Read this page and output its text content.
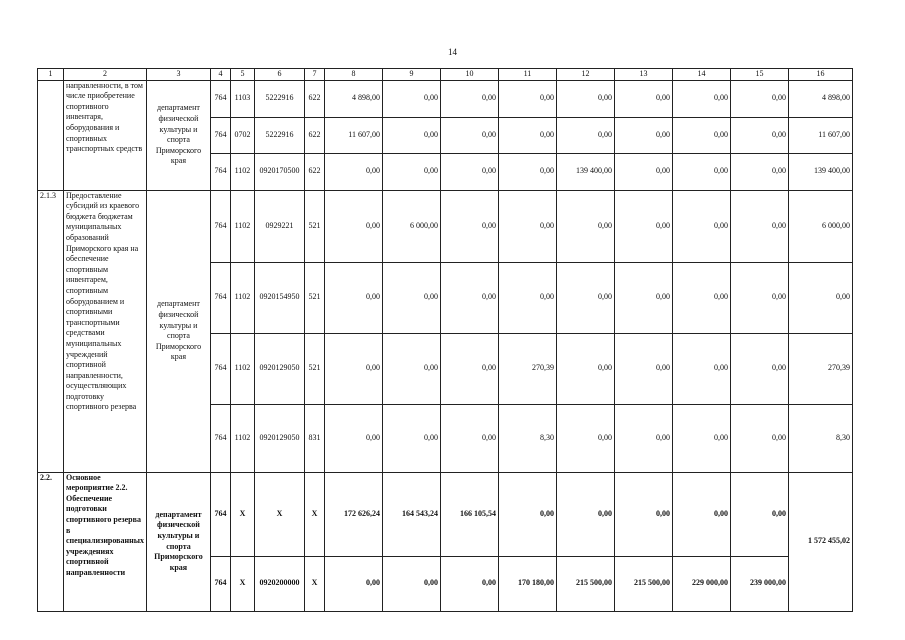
14
1	2	3	4	5	6	7	8	9	10	11	12	13	14	15	16
	направленности, в том числе приобретение спортивного инвентаря, оборудования и спортивных транспортных средств	департамент физической культуры и спорта Приморского края	764	1103	5222916	622	4 898,00	0,00	0,00	0,00	0,00	0,00	0,00	0,00	4 898,00
			764	0702	5222916	622	11 607,00	0,00	0,00	0,00	0,00	0,00	0,00	0,00	11 607,00
			764	1102	0920170500	622	0,00	0,00	0,00	0,00	139 400,00	0,00	0,00	0,00	139 400,00
2.1.3	Предоставление субсидий из краевого бюджета бюджетам муниципальных образований Приморского края на обеспечение спортивным инвентарем, спортивным оборудованием и спортивными транспортными средствами муниципальных учреждений спортивной направленности, осуществляющих подготовку спортивного резерва	департамент физической культуры и спорта Приморского края	764	1102	0929221	521	0,00	6 000,00	0,00	0,00	0,00	0,00	0,00	0,00	6 000,00
			764	1102	0920154950	521	0,00	0,00	0,00	0,00	0,00	0,00	0,00	0,00	0,00
			764	1102	0920129050	521	0,00	0,00	0,00	270,39	0,00	0,00	0,00	0,00	270,39
			764	1102	0920129050	831	0,00	0,00	0,00	8,30	0,00	0,00	0,00	0,00	8,30
2.2.	Основное мероприятие 2.2. Обеспечение подготовки спортивного резерва в специализированных учреждениях спортивной направленности	департамент физической культуры и спорта Приморского края	764	X	X	X	172 626,24	164 543,24	166 105,54	0,00	0,00	0,00	0,00	0,00	1 572 455,02
			764	X	0920200000	X	0,00	0,00	0,00	170 180,00	215 500,00	215 500,00	229 000,00	239 000,00	
